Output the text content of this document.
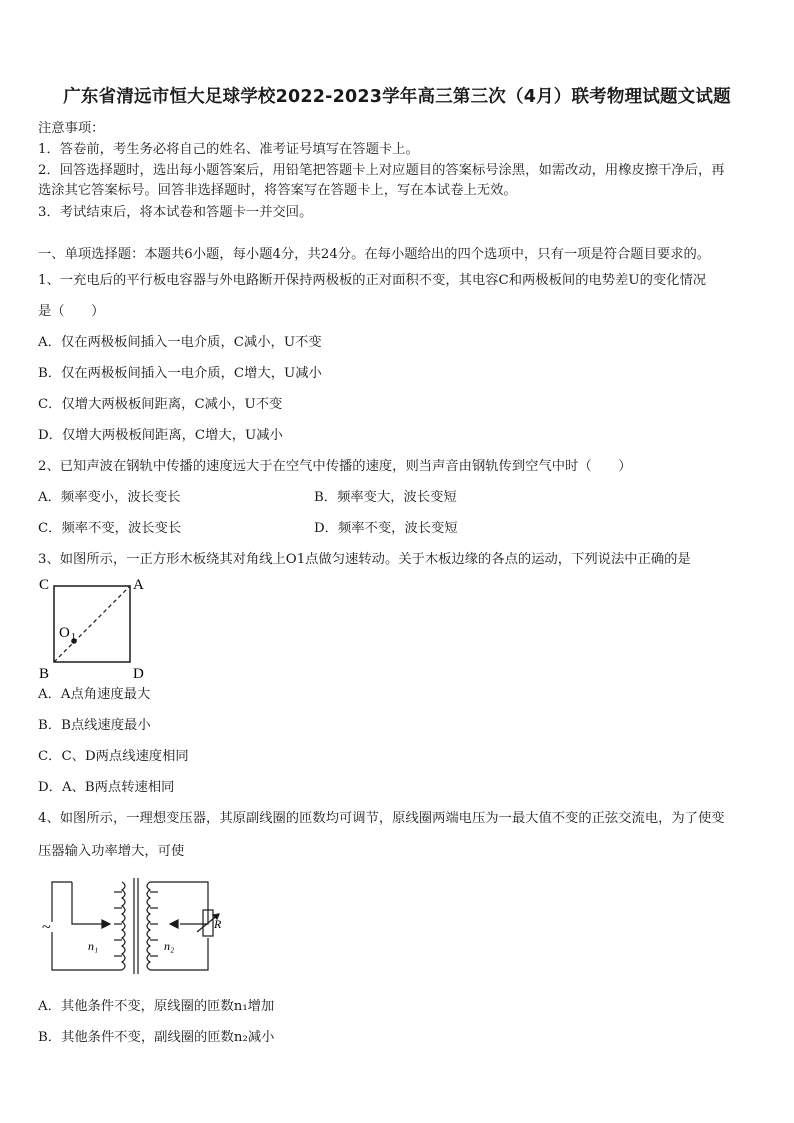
广东省清远市恒大足球学校2022-2023学年高三第三次（4月）联考物理试题文试题
注意事项：
1．答卷前，考生务必将自己的姓名、准考证号填写在答题卡上。
2．回答选择题时，选出每小题答案后，用铅笔把答题卡上对应题目的答案标号涂黑，如需改动，用橡皮擦干净后，再
选涂其它答案标号。回答非选择题时，将答案写在答题卡上，写在本试卷上无效。
3．考试结束后，将本试卷和答题卡一并交回。
一、单项选择题：本题共6小题，每小题4分，共24分。在每小题给出的四个选项中，只有一项是符合题目要求的。
1、一充电后的平行板电容器与外电路断开保持两极板的正对面积不变，其电容C和两极板间的电势差U的变化情况
是（　　）
A．仅在两极板间插入一电介质，C减小，U不变
B．仅在两极板间插入一电介质，C增大，U减小
C．仅增大两极板间距离，C减小，U不变
D．仅增大两极板间距离，C增大，U减小
2、已知声波在钢轨中传播的速度远大于在空气中传播的速度，则当声音由钢轨传到空气中时（　　）
A．频率变小，波长变长	B．频率变大，波长变短
C．频率不变，波长变长	D．频率不变，波长变短
3、如图所示，一正方形木板绕其对角线上O1点做匀速转动。关于木板边缘的各点的运动，下列说法中正确的是
C	A
B	D
O 1
A．A点角速度最大
B．B点线速度最小
C．C、D两点线速度相同
D．A、B两点转速相同
4、如图所示，一理想变压器，其原副线圈的匝数均可调节，原线圈两端电压为一最大值不变的正弦交流电，为了使变
压器输入功率增大，可使
~
n₁	n₂
R
A．其他条件不变，原线圈的匝数n₁增加
B．其他条件不变，副线圈的匝数n₂减小
